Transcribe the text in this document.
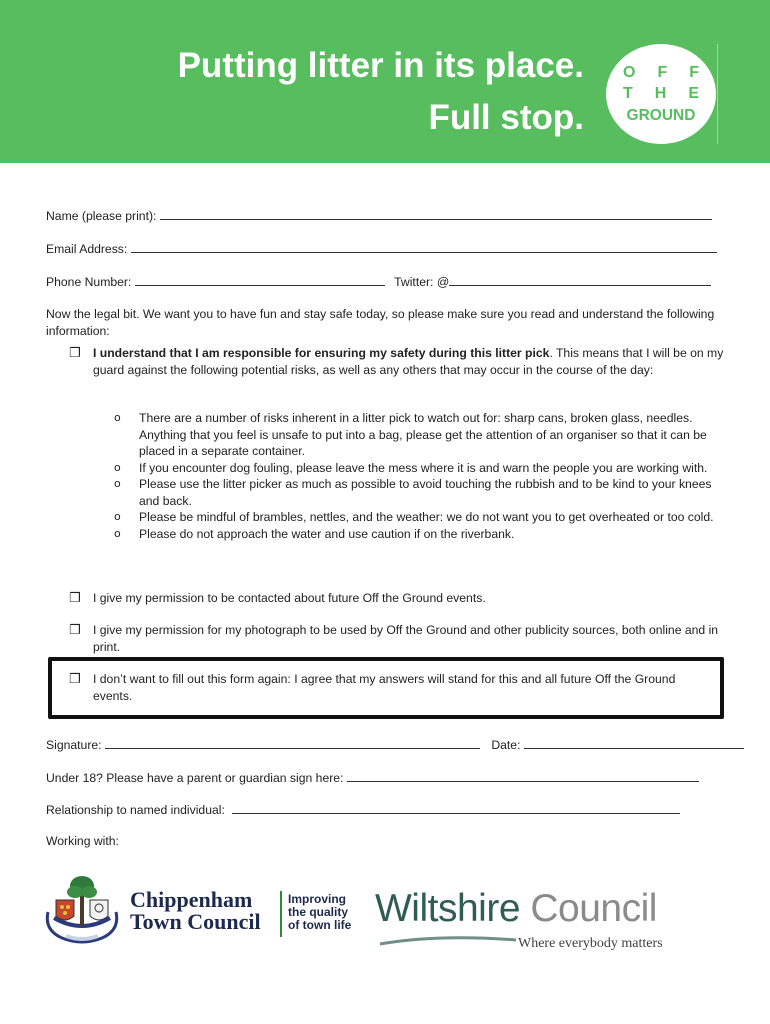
Putting litter in its place.
Full stop.
O F F
T H E
GROUND
Name (please print):
Email Address:
Phone Number:	Twitter: @
Now the legal bit. We want you to have fun and stay safe today, so please make sure you read and understand the following information:
❒ I understand that I am responsible for ensuring my safety during this litter pick. This means that I will be on my guard against the following potential risks, as well as any others that may occur in the course of the day:
o There are a number of risks inherent in a litter pick to watch out for: sharp cans, broken glass, needles. Anything that you feel is unsafe to put into a bag, please get the attention of an organiser so that it can be placed in a separate container.
o If you encounter dog fouling, please leave the mess where it is and warn the people you are working with.
o Please use the litter picker as much as possible to avoid touching the rubbish and to be kind to your knees and back.
o Please be mindful of brambles, nettles, and the weather: we do not want you to get overheated or too cold.
o Please do not approach the water and use caution if on the riverbank.
❒ I give my permission to be contacted about future Off the Ground events.
❒ I give my permission for my photograph to be used by Off the Ground and other publicity sources, both online and in print.
❒ I don’t want to fill out this form again: I agree that my answers will stand for this and all future Off the Ground events.
Signature:	Date:
Under 18? Please have a parent or guardian sign here:
Relationship to named individual:
Working with:
Chippenham
Town Council
Improving
the quality
of town life Wiltshire Council
Where everybody matters
